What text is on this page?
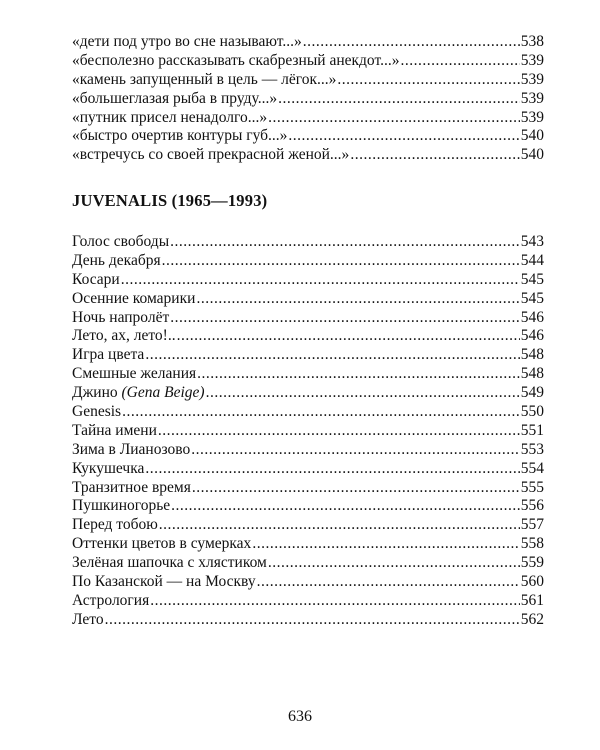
«дети под утро во сне называют...» .....	538
«бесполезно рассказывать скабрезный анекдот...» .....	539
«камень запущенный в цель — лёгок...» .....	539
«большеглазая рыба в пруду...» .....	539
«путник присел ненадолго...» .....	539
«быстро очертив контуры губ...» .....	540
«встречусь со своей прекрасной женой...» .....	540
JUVENALIS (1965—1993)
Голос свободы .....	543
День декабря .....	544
Косари .....	545
Осенние комарики .....	545
Ночь напролёт .....	546
Лето, ах, лето!.. .....	546
Игра цвета .....	548
Смешные желания .....	548
Джино (Gena Beige) .....	549
Genesis .....	550
Тайна имени .....	551
Зима в Лианозово .....	553
Кукушечка .....	554
Транзитное время .....	555
Пушкиногорье .....	556
Перед тобою .....	557
Оттенки цветов в сумерках .....	558
Зелёная шапочка с хлястиком .....	559
По Казанской — на Москву .....	560
Астрология .....	561
Лето .....	562
636
